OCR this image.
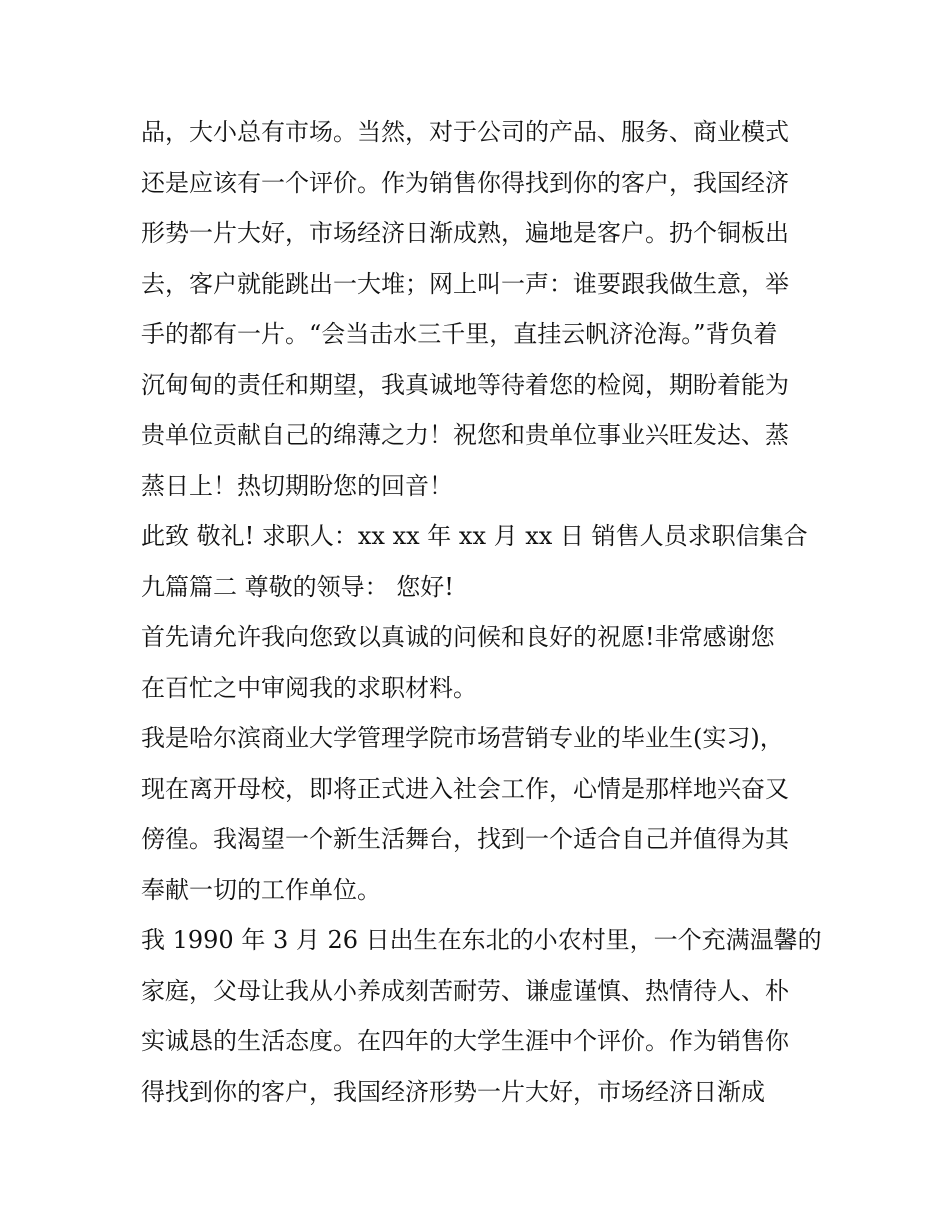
品，大小总有市场。当然，对于公司的产品、服务、商业模式
还是应该有一个评价。作为销售你得找到你的客户，我国经济
形势一片大好，市场经济日渐成熟，遍地是客户。扔个铜板出
去，客户就能跳出一大堆；网上叫一声：谁要跟我做生意，举
手的都有一片。“会当击水三千里，直挂云帆济沧海。”背负着
沉甸甸的责任和期望，我真诚地等待着您的检阅，期盼着能为
贵单位贡献自己的绵薄之力！祝您和贵单位事业兴旺发达、蒸
蒸日上！热切期盼您的回音！
此致 敬礼! 求职人：xx xx 年 xx 月 xx 日 销售人员求职信集合
九篇篇二 尊敬的领导： 您好!
首先请允许我向您致以真诚的问候和良好的祝愿!非常感谢您
在百忙之中审阅我的求职材料。
我是哈尔滨商业大学管理学院市场营销专业的毕业生(实习)，
现在离开母校，即将正式进入社会工作，心情是那样地兴奋又
傍徨。我渴望一个新生活舞台，找到一个适合自己并值得为其
奉献一切的工作单位。
我 1990 年 3 月 26 日出生在东北的小农村里，一个充满温馨的
家庭，父母让我从小养成刻苦耐劳、谦虚谨慎、热情待人、朴
实诚恳的生活态度。在四年的大学生涯中个评价。作为销售你
得找到你的客户，我国经济形势一片大好，市场经济日渐成
